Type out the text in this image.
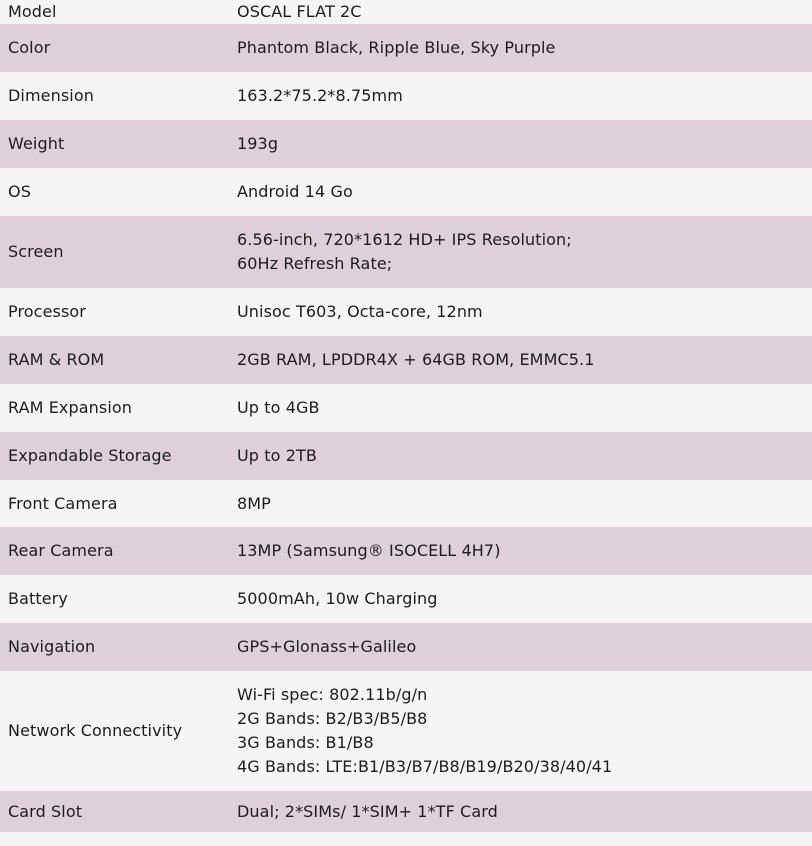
Model	OSCAL FLAT 2C

Color	Phantom Black, Ripple Blue, Sky Purple

Dimension	163.2*75.2*8.75mm

Weight	193g

OS	Android 14 Go

Screen	6.56-inch, 720*1612 HD+ IPS Resolution;
60Hz Refresh Rate;

Processor	Unisoc T603, Octa-core, 12nm

RAM & ROM	2GB RAM, LPDDR4X + 64GB ROM, EMMC5.1

RAM Expansion	Up to 4GB

Expandable Storage	Up to 2TB

Front Camera	8MP

Rear Camera	13MP (Samsung® ISOCELL 4H7)

Battery	5000mAh, 10w Charging

Navigation	GPS+Glonass+Galileo

Network Connectivity	Wi-Fi spec: 802.11b/g/n
2G Bands: B2/B3/B5/B8
3G Bands: B1/B8
4G Bands: LTE:B1/B3/B7/B8/B19/B20/38/40/41

Card Slot	Dual; 2*SIMs/ 1*SIM+ 1*TF Card
